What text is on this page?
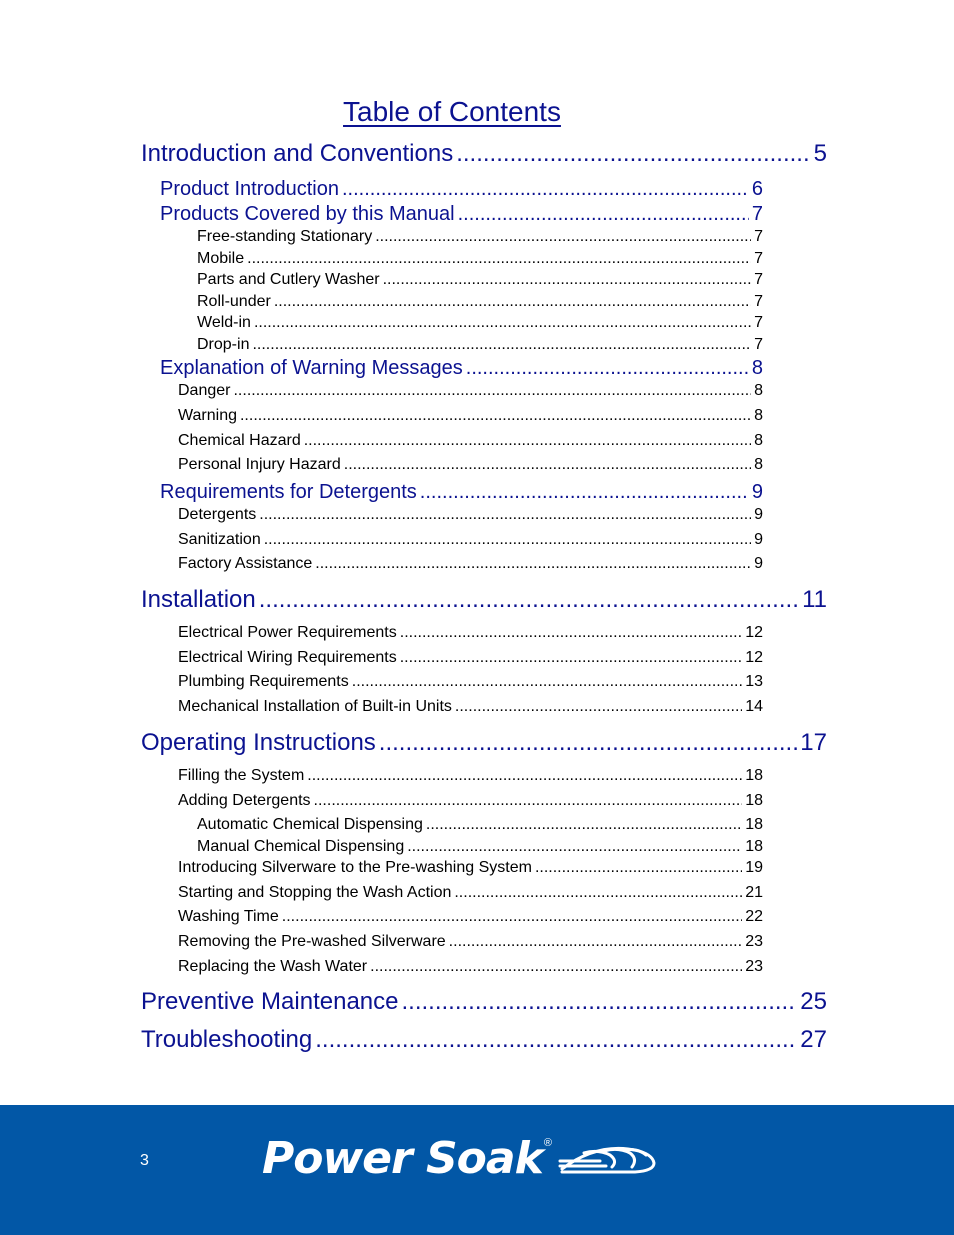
Table of Contents
Introduction and Conventions .....	5
Product Introduction .....	6
Products Covered by this Manual .....	7
Free-standing Stationary .....	7
Mobile .....	7
Parts and Cutlery Washer .....	7
Roll-under .....	7
Weld-in .....	7
Drop-in .....	7
Explanation of Warning Messages .....	8
Danger .....	8
Warning .....	8
Chemical Hazard .....	8
Personal Injury Hazard .....	8
Requirements for Detergents .....	9
Detergents .....	9
Sanitization .....	9
Factory Assistance .....	9
Installation .....	11
Electrical Power Requirements .....	12
Electrical Wiring Requirements .....	12
Plumbing Requirements .....	13
Mechanical Installation of Built-in Units .....	14
Operating Instructions .....	17
Filling the System .....	18
Adding Detergents .....	18
Automatic Chemical Dispensing .....	18
Manual Chemical Dispensing .....	18
Introducing Silverware to the Pre-washing System .....	19
Starting and Stopping the Wash Action .....	21
Washing Time .....	22
Removing the Pre-washed Silverware .....	23
Replacing the Wash Water .....	23
Preventive Maintenance .....	25
Troubleshooting .....	27
3	Power Soak ®
